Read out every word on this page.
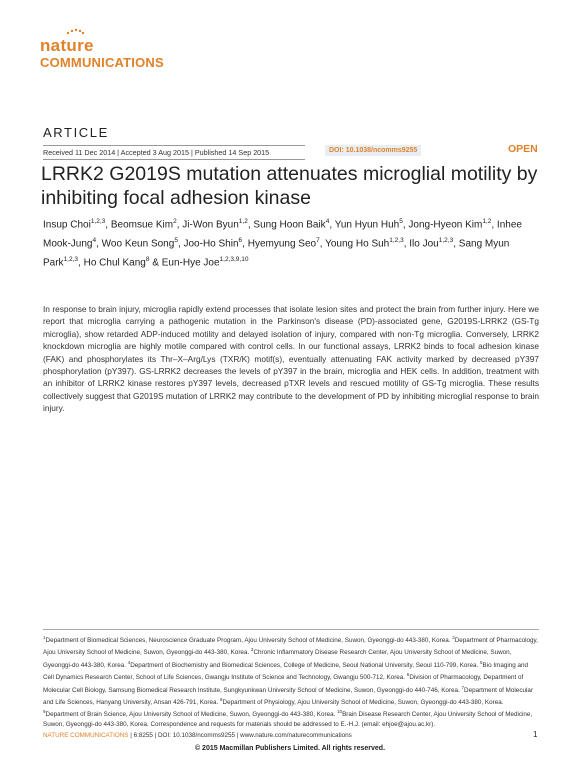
nature
COMMUNICATIONS
ARTICLE
Received 11 Dec 2014 | Accepted 3 Aug 2015 | Published 14 Sep 2015	DOI: 10.1038/ncomms9255	OPEN
LRRK2 G2019S mutation attenuates microglial motility by inhibiting focal adhesion kinase

Insup Choi$^{1,2,3}$, Beomsue Kim$^2$, Ji-Won Byun$^{1,2}$, Sung Hoon Baik$^4$, Yun Hyun Huh$^5$, Jong-Hyeon Kim$^{1,2}$, Inhee Mook-Jung$^4$, Woo Keun Song$^5$, Joo-Ho Shin$^6$, Hyemyung Seo$^7$, Young Ho Suh$^{1,2,3}$, Ilo Jou$^{1,2,3}$, Sang Myun Park$^{1,2,3}$, Ho Chul Kang$^8$ & Eun-Hye Joe$^{1,2,3,9,10}$

In response to brain injury, microglia rapidly extend processes that isolate lesion sites and protect the brain from further injury. Here we report that microglia carrying a pathogenic mutation in the Parkinson's disease (PD)-associated gene, G2019S-LRRK2 (GS-Tg microglia), show retarded ADP-induced motility and delayed isolation of injury, compared with non-Tg microglia. Conversely, LRRK2 knockdown microglia are highly motile compared with control cells. In our functional assays, LRRK2 binds to focal adhesion kinase (FAK) and phosphorylates its Thr–X–Arg/Lys (TXR/K) motif(s), eventually attenuating FAK activity marked by decreased pY397 phosphorylation (pY397). GS-LRRK2 decreases the levels of pY397 in the brain, microglia and HEK cells. In addition, treatment with an inhibitor of LRRK2 kinase restores pY397 levels, decreased pTXR levels and rescued motility of GS-Tg microglia. These results collectively suggest that G2019S mutation of LRRK2 may contribute to the development of PD by inhibiting microglial response to brain injury.

$^1$Department of Biomedical Sciences, Neuroscience Graduate Program, Ajou University School of Medicine, Suwon, Gyeonggi-do 443-380, Korea. $^2$Department of Pharmacology, Ajou University School of Medicine, Suwon, Gyeonggi-do 443-380, Korea. $^3$Chronic Inflammatory Disease Research Center, Ajou University School of Medicine, Suwon, Gyeonggi-do 443-380, Korea. $^4$Department of Biochemistry and Biomedical Sciences, College of Medicine, Seoul National University, Seoul 110-799, Korea. $^5$Bio Imaging and Cell Dynamics Research Center, School of Life Sciences, Gwangju Institute of Science and Technology, Gwangju 500-712, Korea. $^6$Division of Pharmacology, Department of Molecular Cell Biology, Samsung Biomedical Research Institute, Sungkyunkwan University School of Medicine, Suwon, Gyeonggi-do 440-746, Korea. $^7$Department of Molecular and Life Sciences, Hanyang University, Ansan 426-791, Korea. $^8$Department of Physiology, Ajou University School of Medicine, Suwon, Gyeonggi-do 443-380, Korea. $^9$Department of Brain Science, Ajou University School of Medicine, Suwon, Gyeonggi-do 443-380, Korea. $^{10}$Brain Disease Research Center, Ajou University School of Medicine, Suwon, Gyeonggi-do 443-380, Korea. Correspondence and requests for materials should be addressed to E.-H.J. (email: ehjoe@ajou.ac.kr).

NATURE COMMUNICATIONS | 6:8255 | DOI: 10.1038/ncomms9255 | www.nature.com/naturecommunications	1
© 2015 Macmillan Publishers Limited. All rights reserved.
